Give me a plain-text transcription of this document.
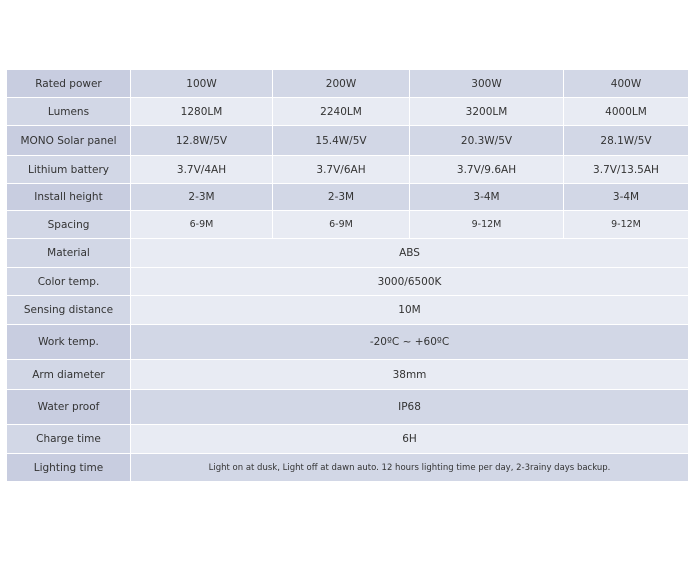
Rated power	100W	200W	300W	400W
Lumens	1280LM	2240LM	3200LM	4000LM
MONO Solar panel	12.8W/5V	15.4W/5V	20.3W/5V	28.1W/5V
Lithium battery	3.7V/4AH	3.7V/6AH	3.7V/9.6AH	3.7V/13.5AH
Install height	2-3M	2-3M	3-4M	3-4M
Spacing	6-9M	6-9M	9-12M	9-12M
Material	ABS			
Color temp.	3000/6500K			
Sensing distance	10M			
Work temp.	-20ºC ~ +60ºC			
Arm diameter	38mm			
Water proof	IP68			
Charge time	6H			
Lighting time	Light on at dusk, Light off at dawn auto. 12 hours lighting time per day, 2-3rainy days backup.			
